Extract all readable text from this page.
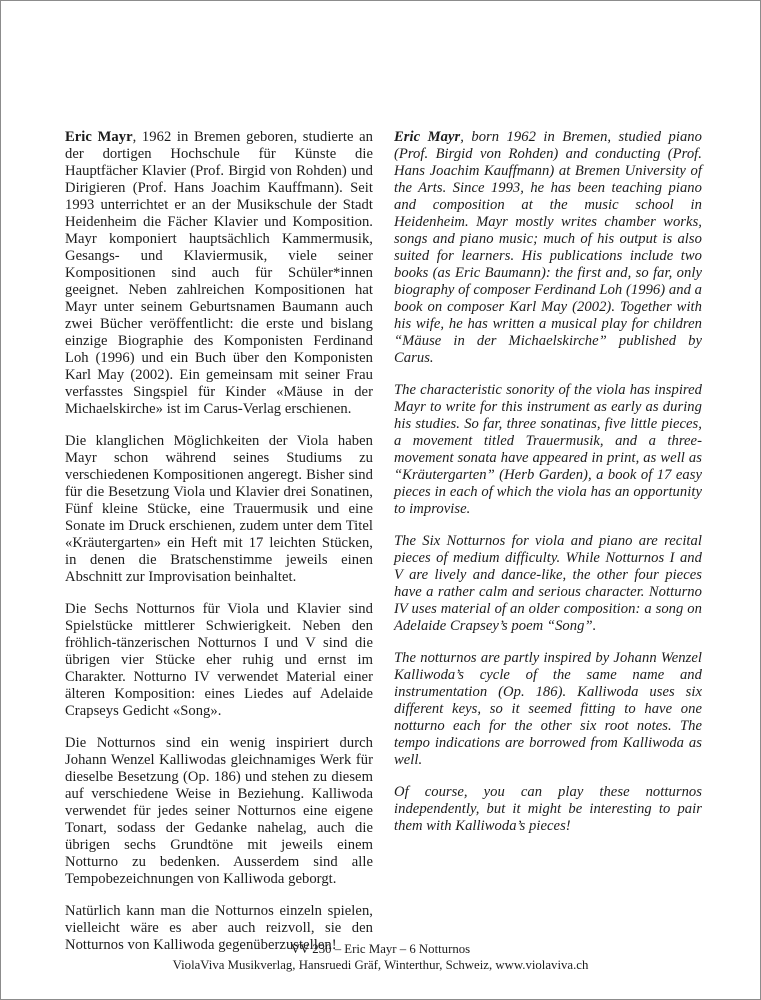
Eric Mayr, 1962 in Bremen geboren, studierte an der dortigen Hochschule für Künste die Hauptfächer Klavier (Prof. Birgid von Rohden) und Dirigieren (Prof. Hans Joachim Kauffmann). Seit 1993 unterrichtet er an der Musikschule der Stadt Heidenheim die Fächer Klavier und Komposition. Mayr komponiert hauptsächlich Kammermusik, Gesangs- und Klaviermusik, viele seiner Kompositionen sind auch für Schüler*innen geeignet. Neben zahlreichen Kompositionen hat Mayr unter seinem Geburtsnamen Baumann auch zwei Bücher veröffentlicht: die erste und bislang einzige Biographie des Komponisten Ferdinand Loh (1996) und ein Buch über den Komponisten Karl May (2002). Ein gemeinsam mit seiner Frau verfasstes Singspiel für Kinder «Mäuse in der Michaelskirche» ist im Carus-Verlag erschienen.

Die klanglichen Möglichkeiten der Viola haben Mayr schon während seines Studiums zu verschiedenen Kompositionen angeregt. Bisher sind für die Besetzung Viola und Klavier drei Sonatinen, Fünf kleine Stücke, eine Trauermusik und eine Sonate im Druck erschienen, zudem unter dem Titel «Kräutergarten» ein Heft mit 17 leichten Stücken, in denen die Bratschenstimme jeweils einen Abschnitt zur Improvisation beinhaltet.

Die Sechs Notturnos für Viola und Klavier sind Spielstücke mittlerer Schwierigkeit. Neben den fröhlich-tänzerischen Notturnos I und V sind die übrigen vier Stücke eher ruhig und ernst im Charakter. Notturno IV verwendet Material einer älteren Komposition: eines Liedes auf Adelaide Crapseys Gedicht «Song».

Die Notturnos sind ein wenig inspiriert durch Johann Wenzel Kalliwodas gleichnamiges Werk für dieselbe Besetzung (Op. 186) und stehen zu diesem auf verschiedene Weise in Beziehung. Kalliwoda verwendet für jedes seiner Notturnos eine eigene Tonart, sodass der Gedanke nahelag, auch die übrigen sechs Grundtöne mit jeweils einem Notturno zu bedenken. Ausserdem sind alle Tempobezeichnungen von Kalliwoda geborgt.

Natürlich kann man die Notturnos einzeln spielen, vielleicht wäre es aber auch reizvoll, sie den Notturnos von Kalliwoda gegenüberzustellen!

Eric Mayr, born 1962 in Bremen, studied piano (Prof. Birgid von Rohden) and conducting (Prof. Hans Joachim Kauffmann) at Bremen University of the Arts. Since 1993, he has been teaching piano and composition at the music school in Heidenheim. Mayr mostly writes chamber works, songs and piano music; much of his output is also suited for learners. His publications include two books (as Eric Baumann): the first and, so far, only biography of composer Ferdinand Loh (1996) and a book on composer Karl May (2002). Together with his wife, he has written a musical play for children “Mäuse in der Michaelskirche” published by Carus.

The characteristic sonority of the viola has inspired Mayr to write for this instrument as early as during his studies. So far, three sonatinas, five little pieces, a movement titled Trauermusik, and a three-movement sonata have appeared in print, as well as “Kräutergarten” (Herb Garden), a book of 17 easy pieces in each of which the viola has an opportunity to improvise.

The Six Notturnos for viola and piano are recital pieces of medium difficulty. While Notturnos I and V are lively and dance-like, the other four pieces have a rather calm and serious character. Notturno IV uses material of an older composition: a song on Adelaide Crapsey’s poem “Song”.

The notturnos are partly inspired by Johann Wenzel Kalliwoda’s cycle of the same name and instrumentation (Op. 186). Kalliwoda uses six different keys, so it seemed fitting to have one notturno each for the other six root notes. The tempo indications are borrowed from Kalliwoda as well.

Of course, you can play these notturnos independently, but it might be interesting to pair them with Kalliwoda’s pieces!

VV 230 – Eric Mayr – 6 Notturnos
ViolaViva Musikverlag, Hansruedi Gräf, Winterthur, Schweiz, www.violaviva.ch
